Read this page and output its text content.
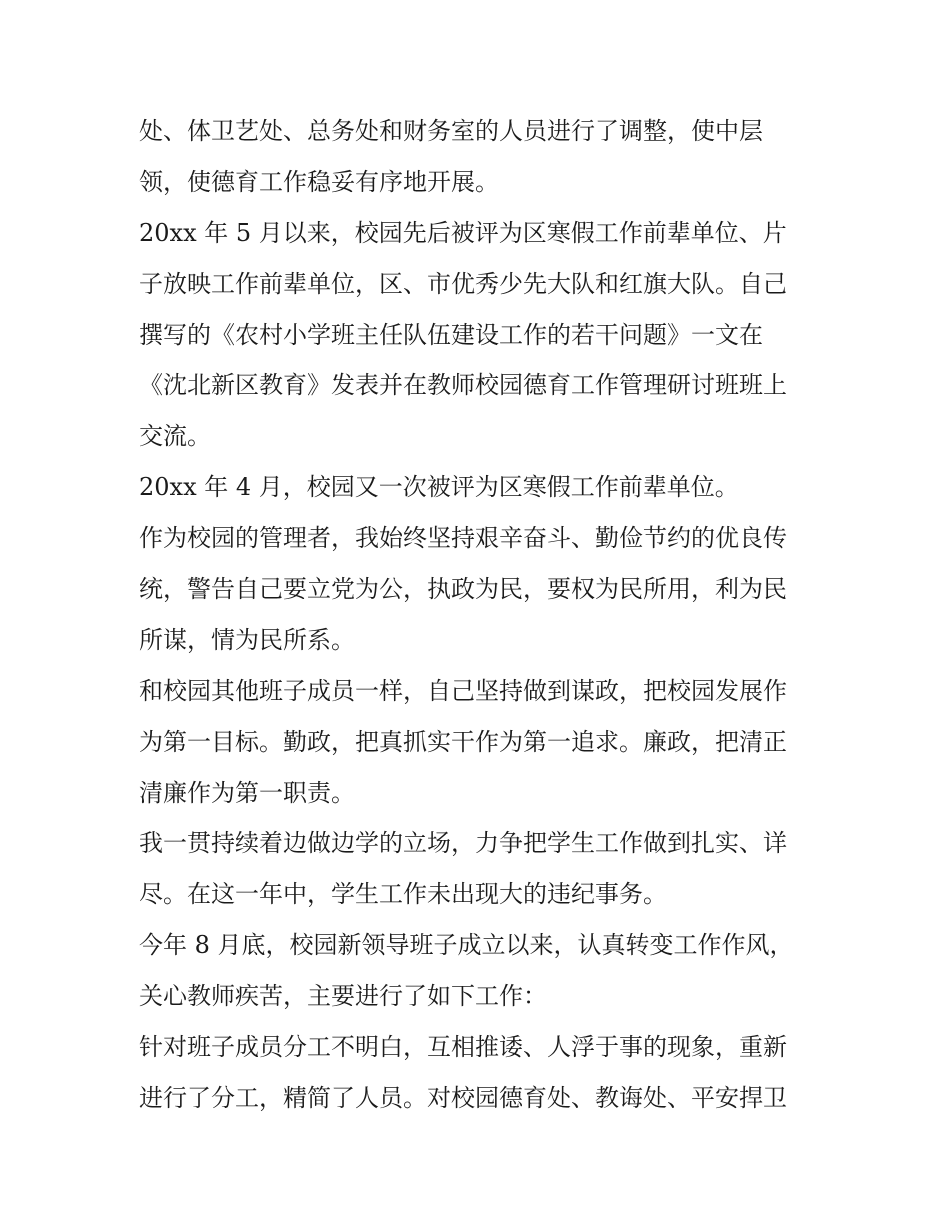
处、体卫艺处、总务处和财务室的人员进行了调整，使中层
领，使德育工作稳妥有序地开展。
20xx 年 5 月以来，校园先后被评为区寒假工作前辈单位、片
子放映工作前辈单位，区、市优秀少先大队和红旗大队。自己
撰写的《农村小学班主任队伍建设工作的若干问题》一文在
《沈北新区教育》发表并在教师校园德育工作管理研讨班班上
交流。
20xx 年 4 月，校园又一次被评为区寒假工作前辈单位。
作为校园的管理者，我始终坚持艰辛奋斗、勤俭节约的优良传
统，警告自己要立党为公，执政为民，要权为民所用，利为民
所谋，情为民所系。
和校园其他班子成员一样，自己坚持做到谋政，把校园发展作
为第一目标。勤政，把真抓实干作为第一追求。廉政，把清正
清廉作为第一职责。
我一贯持续着边做边学的立场，力争把学生工作做到扎实、详
尽。在这一年中，学生工作未出现大的违纪事务。
今年 8 月底，校园新领导班子成立以来，认真转变工作作风，
关心教师疾苦，主要进行了如下工作：
针对班子成员分工不明白，互相推诿、人浮于事的现象，重新
进行了分工，精简了人员。对校园德育处、教诲处、平安捍卫
